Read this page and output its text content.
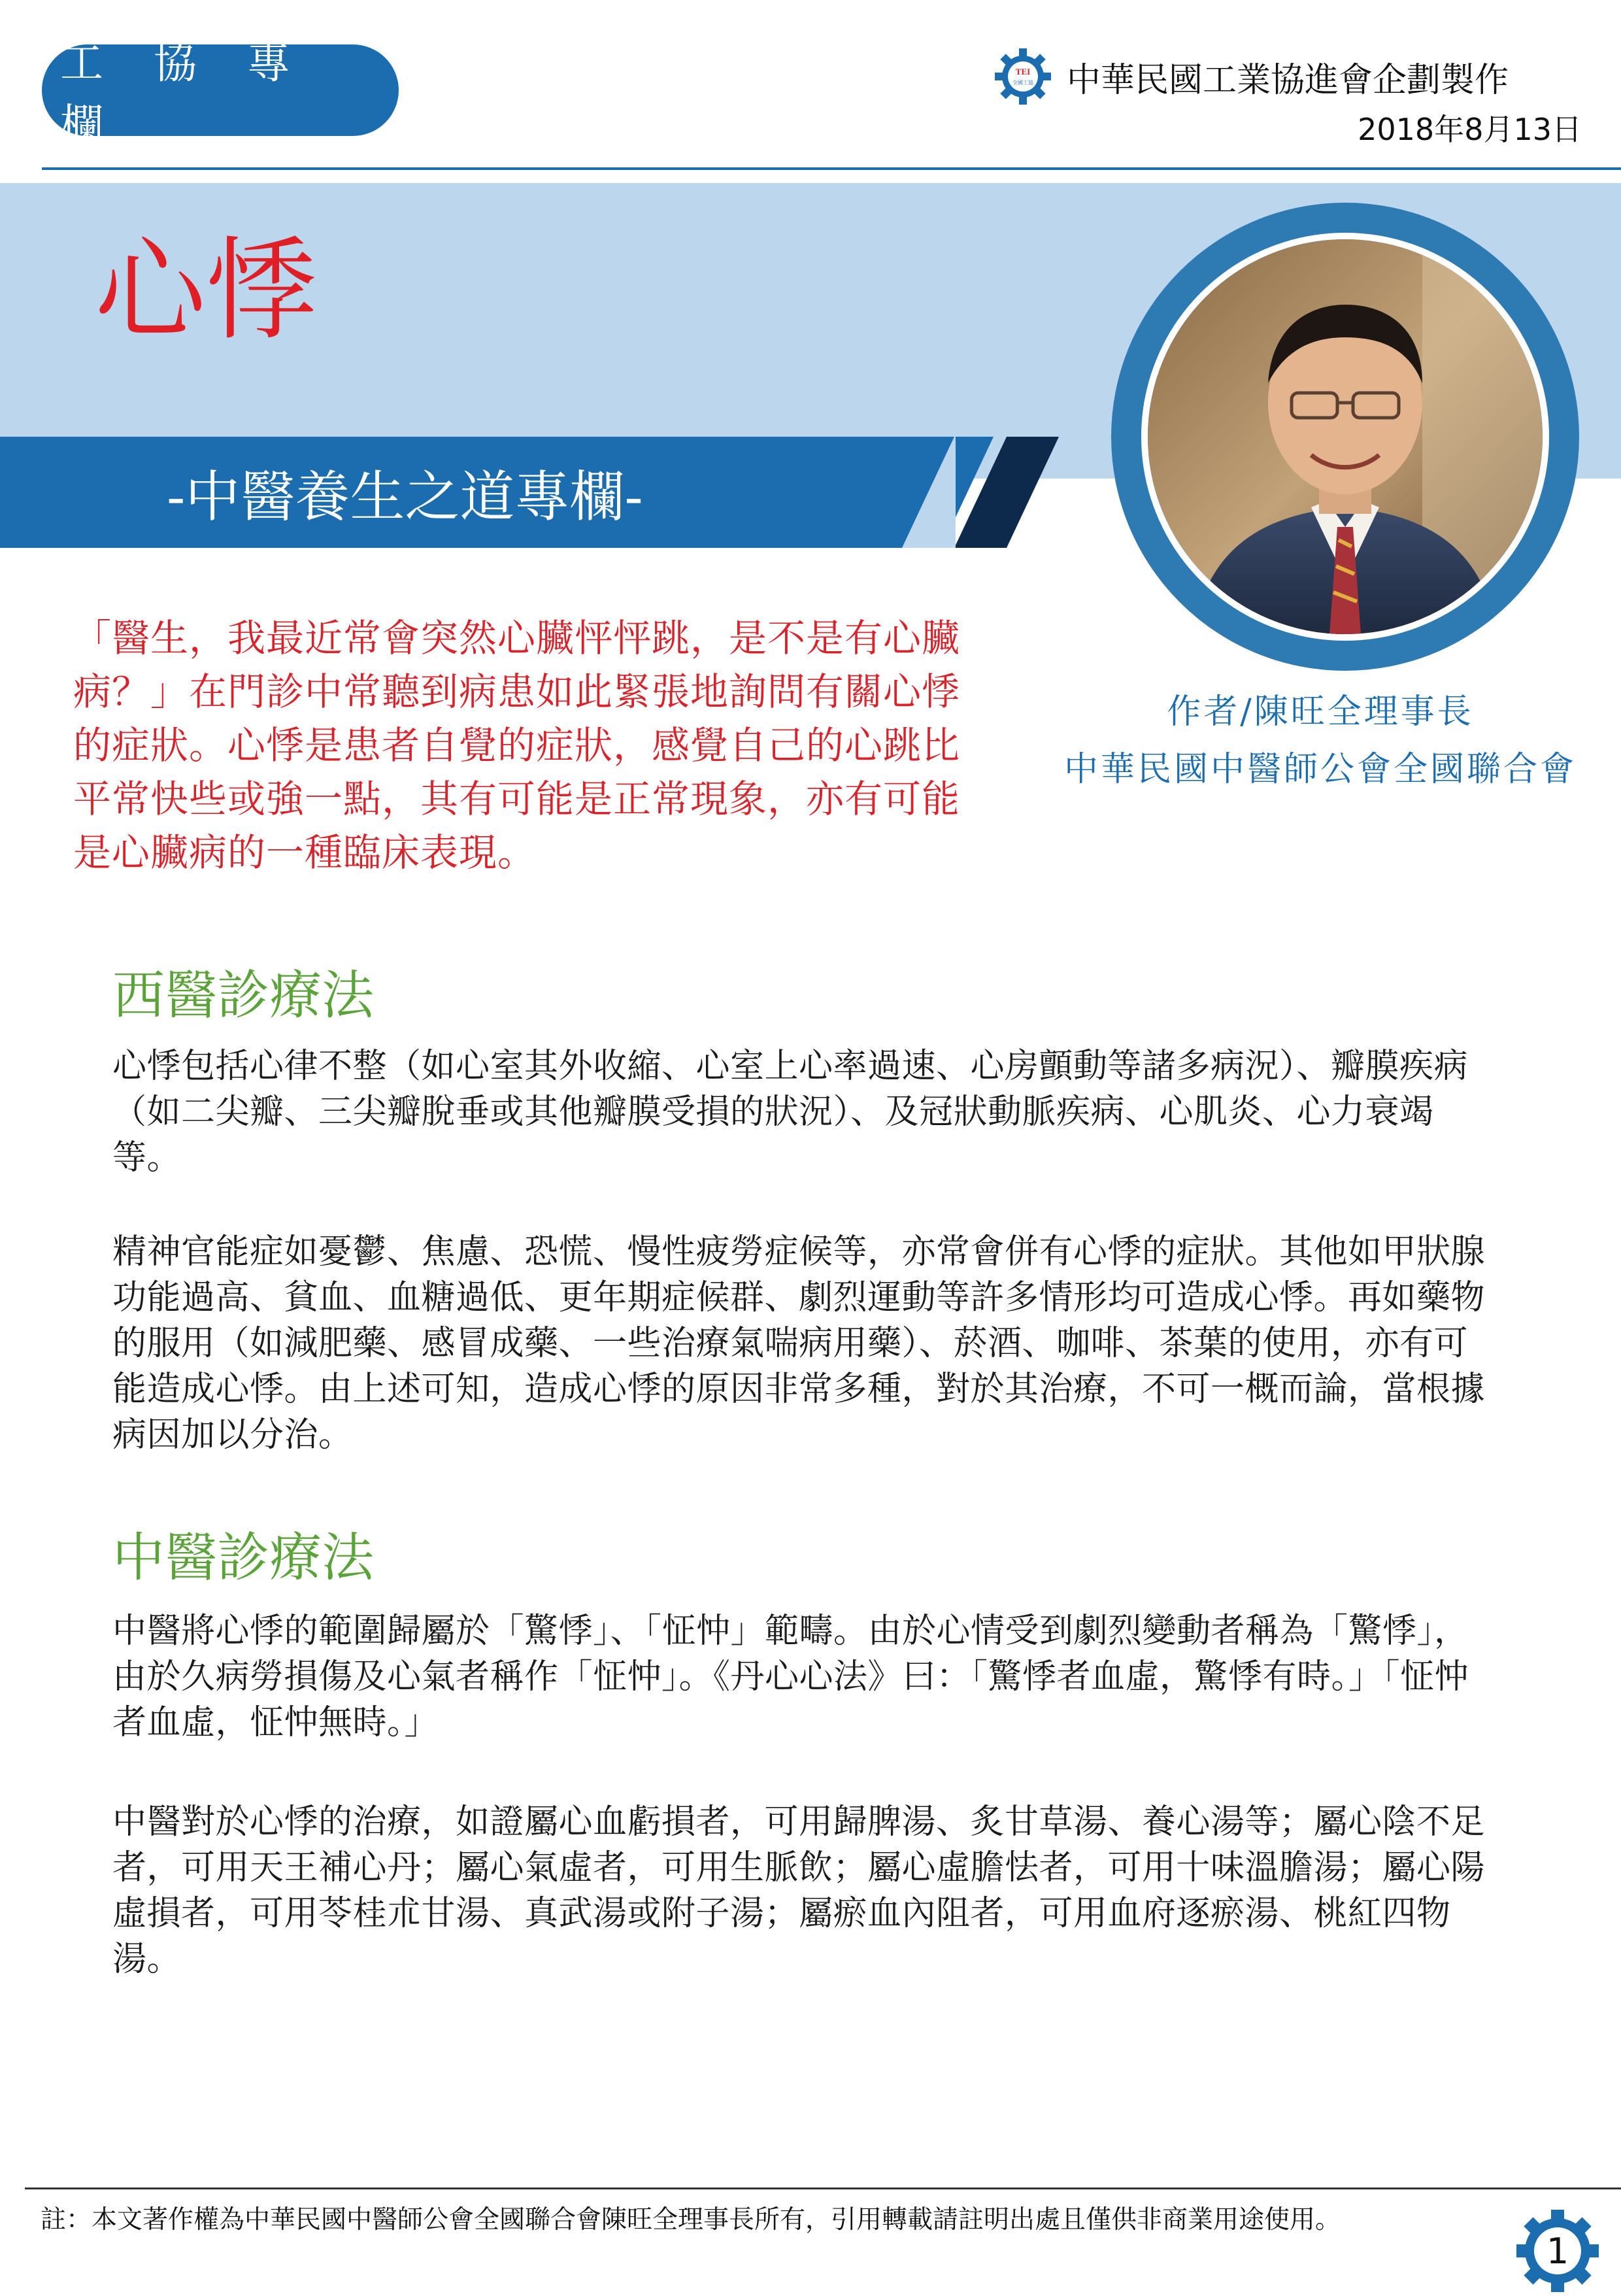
工 協 專 欄
TEI
全國工協 中華民國工業協進會企劃製作
2018年8月13日
心悸
-中醫養生之道專欄-
作者/陳旺全理事長
中華民國中醫師公會全國聯合會
「醫生，我最近常會突然心臟怦怦跳，是不是有心臟病？」在門診中常聽到病患如此緊張地詢問有關心悸的症狀。心悸是患者自覺的症狀，感覺自己的心跳比平常快些或強一點，其有可能是正常現象，亦有可能是心臟病的一種臨床表現。
西醫診療法
心悸包括心律不整（如心室其外收縮、心室上心率過速、心房顫動等諸多病況）、瓣膜疾病（如二尖瓣、三尖瓣脫垂或其他瓣膜受損的狀況）、及冠狀動脈疾病、心肌炎、心力衰竭等。
精神官能症如憂鬱、焦慮、恐慌、慢性疲勞症候等，亦常會併有心悸的症狀。其他如甲狀腺功能過高、貧血、血糖過低、更年期症候群、劇烈運動等許多情形均可造成心悸。再如藥物的服用（如減肥藥、感冒成藥、一些治療氣喘病用藥）、菸酒、咖啡、茶葉的使用，亦有可能造成心悸。由上述可知，造成心悸的原因非常多種，對於其治療，不可一概而論，當根據病因加以分治。
中醫診療法
中醫將心悸的範圍歸屬於「驚悸」、「怔忡」範疇。由於心情受到劇烈變動者稱為「驚悸」，由於久病勞損傷及心氣者稱作「怔忡」。《丹心心法》曰：「驚悸者血虛，驚悸有時。」「怔忡者血虛，怔忡無時。」
中醫對於心悸的治療，如證屬心血虧損者，可用歸脾湯、炙甘草湯、養心湯等；屬心陰不足者，可用天王補心丹；屬心氣虛者，可用生脈飲；屬心虛膽怯者，可用十味溫膽湯；屬心陽虛損者，可用苓桂朮甘湯、真武湯或附子湯；屬瘀血內阻者，可用血府逐瘀湯、桃紅四物湯。
註：本文著作權為中華民國中醫師公會全國聯合會陳旺全理事長所有，引用轉載請註明出處且僅供非商業用途使用。
1
